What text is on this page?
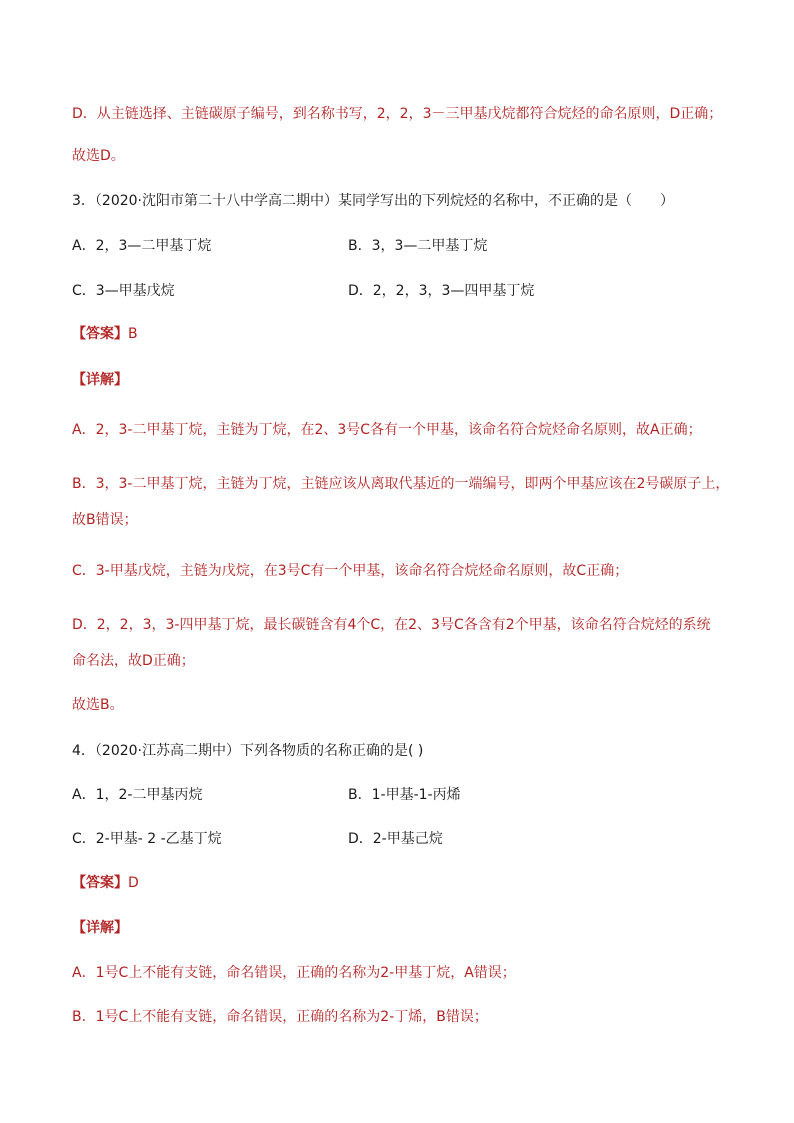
D．从主链选择、主链碳原子编号，到名称书写，2，2，3－三甲基戊烷都符合烷烃的命名原则，D正确；
故选D。
3．（2020·沈阳市第二十八中学高二期中）某同学写出的下列烷烃的名称中，不正确的是（　　）
A．2，3—二甲基丁烷	B．3，3—二甲基丁烷
C．3—甲基戊烷	D．2，2，3，3—四甲基丁烷
【答案】B
【详解】
A．2，3-二甲基丁烷，主链为丁烷，在2、3号C各有一个甲基，该命名符合烷烃命名原则，故A正确；
B．3，3-二甲基丁烷，主链为丁烷，主链应该从离取代基近的一端编号，即两个甲基应该在2号碳原子上，
故B错误；
C．3-甲基戊烷，主链为戊烷，在3号C有一个甲基，该命名符合烷烃命名原则，故C正确；
D．2，2，3，3-四甲基丁烷，最长碳链含有4个C，在2、3号C各含有2个甲基，该命名符合烷烃的系统
命名法，故D正确；
故选B。
4．（2020·江苏高二期中）下列各物质的名称正确的是( )
A．1，2-二甲基丙烷	B．1-甲基-1-丙烯
C．2-甲基- 2 -乙基丁烷	D．2-甲基己烷
【答案】D
【详解】
A．1号C上不能有支链，命名错误，正确的名称为2-甲基丁烷，A错误；
B．1号C上不能有支链，命名错误，正确的名称为2-丁烯，B错误；
